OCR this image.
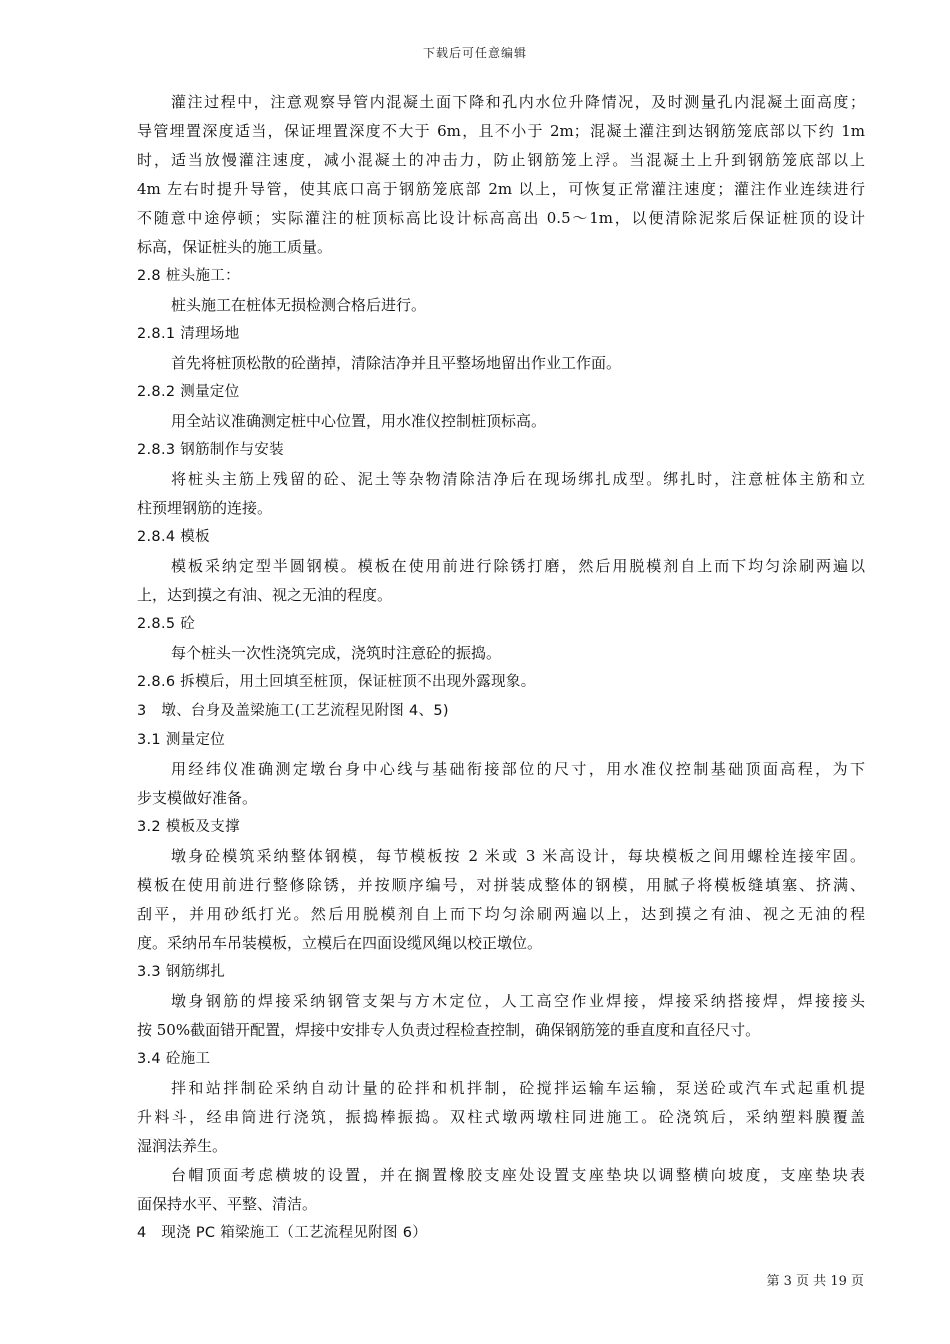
下载后可任意编辑
灌注过程中，注意观察导管内混凝土面下降和孔内水位升降情况，及时测量孔内混凝土面高度；
导管埋置深度适当，保证埋置深度不大于 6m，且不小于 2m；混凝土灌注到达钢筋笼底部以下约 1m
时，适当放慢灌注速度，减小混凝土的冲击力，防止钢筋笼上浮。当混凝土上升到钢筋笼底部以上
4m 左右时提升导管，使其底口高于钢筋笼底部 2m 以上，可恢复正常灌注速度；灌注作业连续进行
不随意中途停顿；实际灌注的桩顶标高比设计标高高出 0.5～1m，以便清除泥浆后保证桩顶的设计
标高，保证桩头的施工质量。
2.8 桩头施工：
桩头施工在桩体无损检测合格后进行。
2.8.1 清理场地
首先将桩顶松散的砼凿掉，清除洁净并且平整场地留出作业工作面。
2.8.2 测量定位
用全站议准确测定桩中心位置，用水准仪控制桩顶标高。
2.8.3 钢筋制作与安装
将桩头主筋上残留的砼、泥土等杂物清除洁净后在现场绑扎成型。绑扎时，注意桩体主筋和立
柱预埋钢筋的连接。
2.8.4 模板
模板采纳定型半圆钢模。模板在使用前进行除锈打磨，然后用脱模剂自上而下均匀涂刷两遍以
上，达到摸之有油、视之无油的程度。
2.8.5 砼
每个桩头一次性浇筑完成，浇筑时注意砼的振捣。
2.8.6 拆模后，用土回填至桩顶，保证桩顶不出现外露现象。
3　墩、台身及盖梁施工(工艺流程见附图 4、5)
3.1 测量定位
用经纬仪准确测定墩台身中心线与基础衔接部位的尺寸，用水准仪控制基础顶面高程，为下
步支模做好准备。
3.2 模板及支撑
墩身砼模筑采纳整体钢模，每节模板按 2 米或 3 米高设计，每块模板之间用螺栓连接牢固。
模板在使用前进行整修除锈，并按顺序编号，对拼装成整体的钢模，用腻子将模板缝填塞、挤满、
刮平，并用砂纸打光。然后用脱模剂自上而下均匀涂刷两遍以上，达到摸之有油、视之无油的程
度。采纳吊车吊装模板，立模后在四面设缆风绳以校正墩位。
3.3 钢筋绑扎
墩身钢筋的焊接采纳钢管支架与方木定位，人工高空作业焊接，焊接采纳搭接焊，焊接接头
按 50%截面错开配置，焊接中安排专人负责过程检查控制，确保钢筋笼的垂直度和直径尺寸。
3.4 砼施工
拌和站拌制砼采纳自动计量的砼拌和机拌制，砼搅拌运输车运输，泵送砼或汽车式起重机提
升料斗，经串筒进行浇筑，振捣棒振捣。双柱式墩两墩柱同进施工。砼浇筑后，采纳塑料膜覆盖
湿润法养生。
台帽顶面考虑横坡的设置，并在搁置橡胶支座处设置支座垫块以调整横向坡度，支座垫块表
面保持水平、平整、清洁。
4　现浇 PC 箱梁施工（工艺流程见附图 6）
第 3 页 共 19 页
